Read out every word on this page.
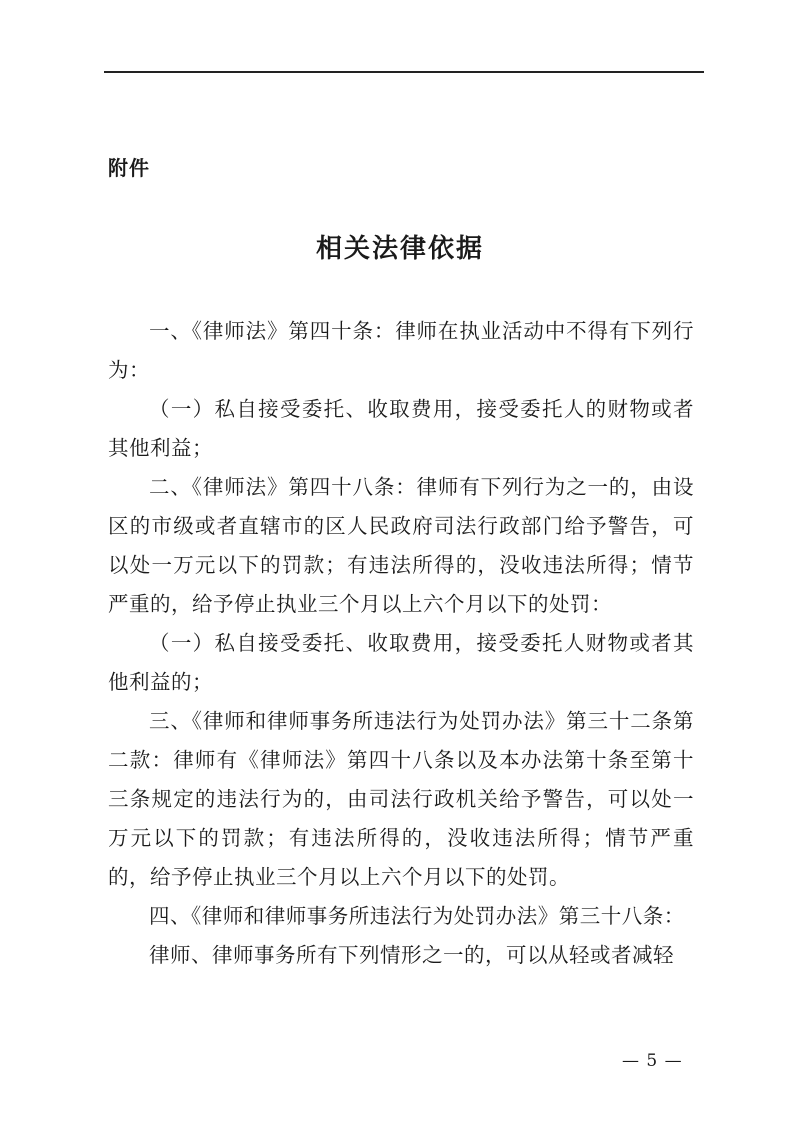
附件
相关法律依据

一、《律师法》第四十条：律师在执业活动中不得有下列行为：

（一）私自接受委托、收取费用，接受委托人的财物或者其他利益；

二、《律师法》第四十八条：律师有下列行为之一的，由设区的市级或者直辖市的区人民政府司法行政部门给予警告，可以处一万元以下的罚款；有违法所得的，没收违法所得；情节严重的，给予停止执业三个月以上六个月以下的处罚：

（一）私自接受委托、收取费用，接受委托人财物或者其他利益的；

三、《律师和律师事务所违法行为处罚办法》第三十二条第二款：律师有《律师法》第四十八条以及本办法第十条至第十三条规定的违法行为的，由司法行政机关给予警告，可以处一万元以下的罚款；有违法所得的，没收违法所得；情节严重的，给予停止执业三个月以上六个月以下的处罚。

四、《律师和律师事务所违法行为处罚办法》第三十八条：

律师、律师事务所有下列情形之一的，可以从轻或者减轻

— 5 —
